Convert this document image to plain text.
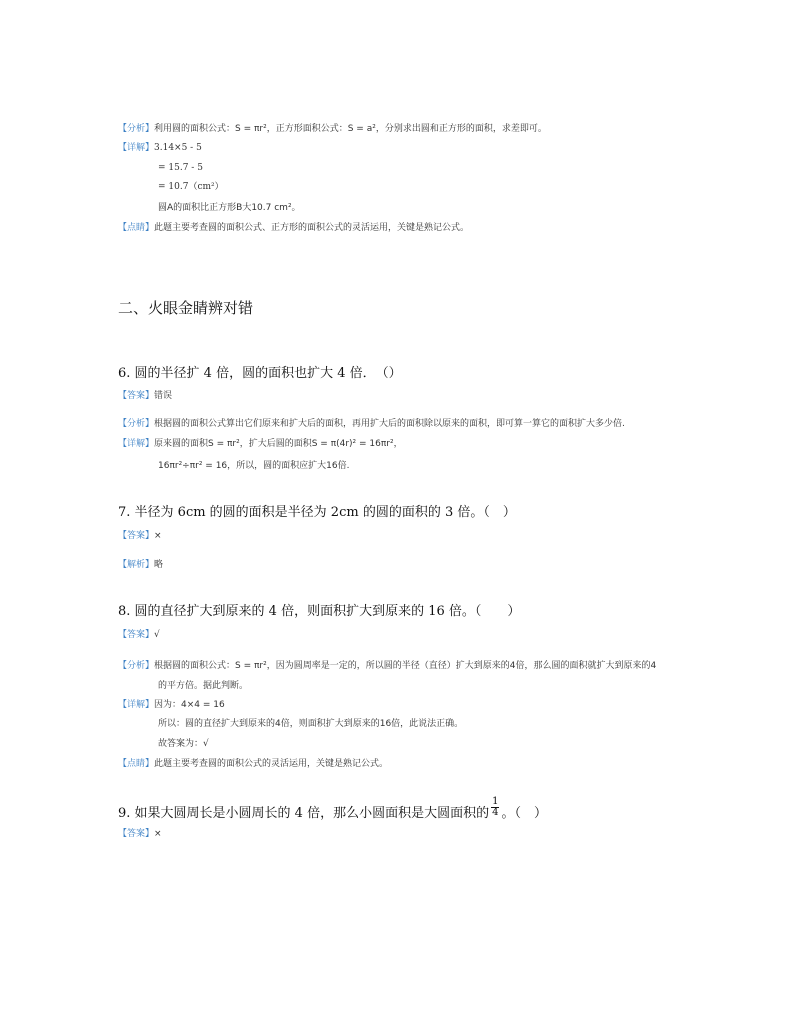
【分析】利用圆的面积公式：S = πr²，正方形面积公式：S = a²，分别求出圆和正方形的面积，求差即可。
【详解】3.14×5 - 5
= 15.7 - 5
= 10.7（cm²）
圆A的面积比正方形B大10.7 cm²。
【点睛】此题主要考查圆的面积公式、正方形的面积公式的灵活运用，关键是熟记公式。
二、火眼金睛辨对错
6. 圆的半径扩 4 倍，圆的面积也扩大 4 倍．　（）
【答案】错误
【分析】根据圆的面积公式算出它们原来和扩大后的面积，再用扩大后的面积除以原来的面积，即可算一算它的面积扩大多少倍.
【详解】原来圆的面积S = πr²，扩大后圆的面积S = π(4r)² = 16πr²，
16πr²÷πr² = 16，所以，圆的面积应扩大16倍.
7. 半径为 6cm 的圆的面积是半径为 2cm 的圆的面积的 3 倍。（　）
【答案】×
【解析】略
8. 圆的直径扩大到原来的 4 倍，则面积扩大到原来的 16 倍。（　　）
【答案】√
【分析】根据圆的面积公式：S = πr²，因为圆周率是一定的，所以圆的半径（直径）扩大到原来的4倍，那么圆的面积就扩大到原来的4
的平方倍。据此判断。
【详解】因为：4×4 = 16
所以：圆的直径扩大到原来的4倍，则面积扩大到原来的16倍，此说法正确。
故答案为：√
【点睛】此题主要考查圆的面积公式的灵活运用，关键是熟记公式。
9. 如果大圆周长是小圆周长的 4 倍，那么小圆面积是大圆面积的 $\frac{1}{4}$ 。（　）
【答案】×
